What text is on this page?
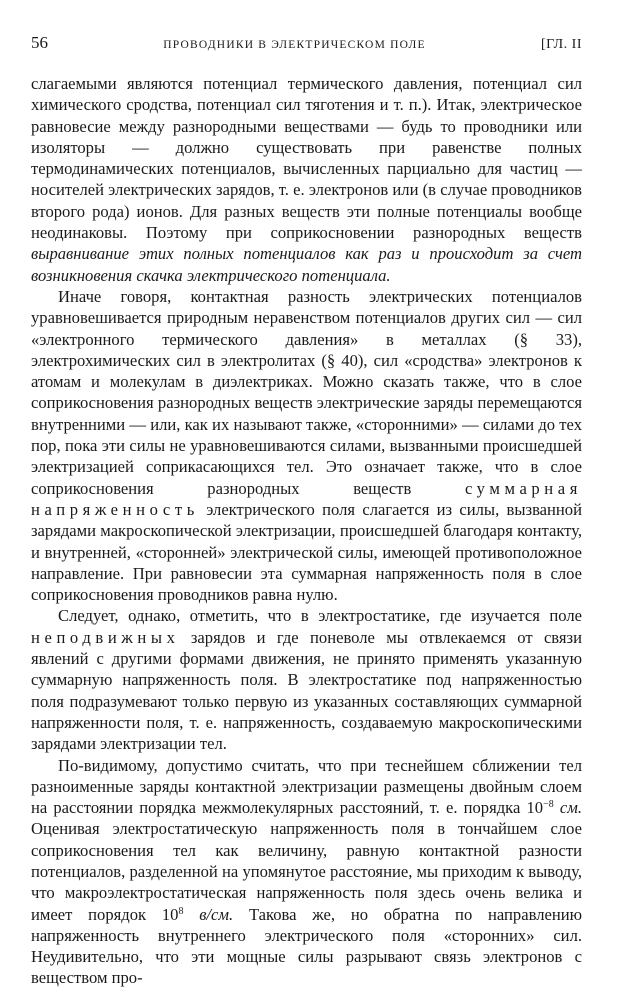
56	ПРОВОДНИКИ В ЭЛЕКТРИЧЕСКОМ ПОЛЕ	[ГЛ. II

слагаемыми являются потенциал термического давления, потенциал сил химического сродства, потенциал сил тяготения и т. п.). Итак, электрическое равновесие между разнородными веществами — будь то проводники или изоляторы — должно существовать при равенстве полных термодинамических потенциалов, вычисленных парциально для частиц — носителей электрических зарядов, т. е. электронов или (в случае проводников второго рода) ионов. Для разных веществ эти полные потенциалы вообще неодинаковы. Поэтому при соприкосновении разнородных веществ выравнивание этих полных потенциалов как раз и происходит за счет возникновения скачка электрического потенциала.

Иначе говоря, контактная разность электрических потенциалов уравновешивается природным неравенством потенциалов других сил — сил «электронного термического давления» в металлах (§ 33), электрохимических сил в электролитах (§ 40), сил «сродства» электронов к атомам и молекулам в диэлектриках. Можно сказать также, что в слое соприкосновения разнородных веществ электрические заряды перемещаются внутренними — или, как их называют также, «сторонними» — силами до тех пор, пока эти силы не уравновешиваются силами, вызванными происшедшей электризацией соприкасающихся тел. Это означает также, что в слое соприкосновения разнородных веществ суммарная напряженность электрического поля слагается из силы, вызванной зарядами макроскопической электризации, происшедшей благодаря контакту, и внутренней, «сторонней» электрической силы, имеющей противоположное направление. При равновесии эта суммарная напряженность поля в слое соприкосновения проводников равна нулю.

Следует, однако, отметить, что в электростатике, где изучается поле неподвижных зарядов и где поневоле мы отвлекаемся от связи явлений с другими формами движения, не принято применять указанную суммарную напряженность поля. В электростатике под напряженностью поля подразумевают только первую из указанных составляющих суммарной напряженности поля, т. е. напряженность, создаваемую макроскопическими зарядами электризации тел.

По-видимому, допустимо считать, что при теснейшем сближении тел разноименные заряды контактной электризации размещены двойным слоем на расстоянии порядка межмолекулярных расстояний, т. е. порядка $10^{-8}$ см. Оценивая электростатическую напряженность поля в тончайшем слое соприкосновения тел как величину, равную контактной разности потенциалов, разделенной на упомянутое расстояние, мы приходим к выводу, что макроэлектростатическая напряженность поля здесь очень велика и имеет порядок $10^8$ в/см. Такова же, но обратна по направлению напряженность внутреннего электрического поля «сторонних» сил. Неудивительно, что эти мощные силы разрывают связь электронов с веществом про-
